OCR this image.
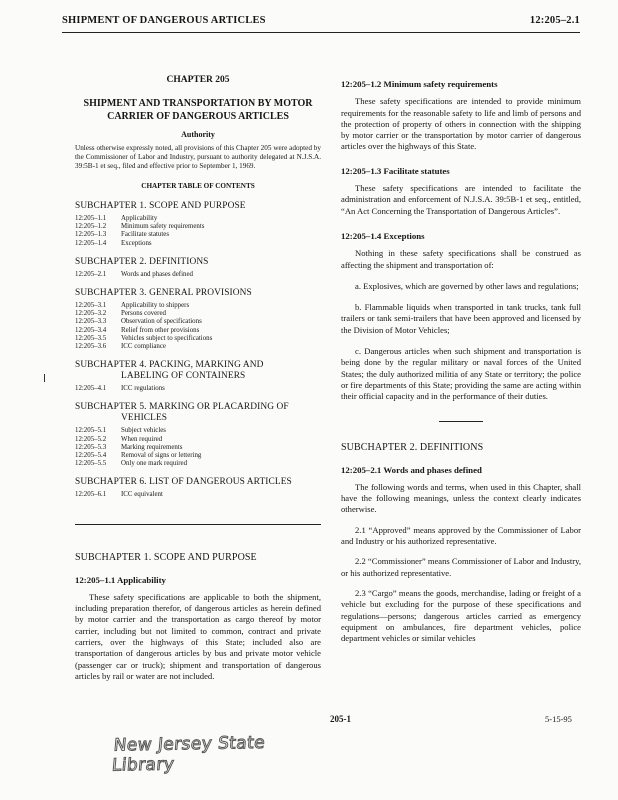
SHIPMENT OF DANGEROUS ARTICLES	12:205–2.1
CHAPTER 205
SHIPMENT AND TRANSPORTATION BY MOTOR CARRIER OF DANGEROUS ARTICLES
Authority

Unless otherwise expressly noted, all provisions of this Chapter 205 were adopted by the Commissioner of Labor and Industry, pursuant to authority delegated at N.J.S.A. 39:5B-1 et seq., filed and effective prior to September 1, 1969.

CHAPTER TABLE OF CONTENTS
SUBCHAPTER 1. SCOPE AND PURPOSE
12:205–1.1 Applicability
12:205–1.2 Minimum safety requirements
12:205–1.3 Facilitate statutes
12:205–1.4 Exceptions
SUBCHAPTER 2. DEFINITIONS
12:205–2.1 Words and phases defined
SUBCHAPTER 3. GENERAL PROVISIONS
12:205–3.1 Applicability to shippers
12:205–3.2 Persons covered
12:205–3.3 Observation of specifications
12:205–3.4 Relief from other provisions
12:205–3.5 Vehicles subject to specifications
12:205–3.6 ICC compliance
SUBCHAPTER 4. PACKING, MARKING AND
LABELING OF CONTAINERS
12:205–4.1 ICC regulations
SUBCHAPTER 5. MARKING OR PLACARDING OF
VEHICLES
12:205–5.1 Subject vehicles
12:205–5.2 When required
12:205–5.3 Marking requirements
12:205–5.4 Removal of signs or lettering
12:205–5.5 Only one mark required
SUBCHAPTER 6. LIST OF DANGEROUS ARTICLES
12:205–6.1 ICC equivalent
SUBCHAPTER 1. SCOPE AND PURPOSE
12:205–1.1 Applicability

These safety specifications are applicable to both the shipment, including preparation therefor, of dangerous articles as herein defined by motor carrier and the transportation as cargo thereof by motor carrier, including but not limited to common, contract and private carriers, over the highways of this State; included also are transportation of dangerous articles by bus and private motor vehicle (passenger car or truck); shipment and transportation of dangerous articles by rail or water are not included.

12:205–1.2 Minimum safety requirements

These safety specifications are intended to provide minimum requirements for the reasonable safety to life and limb of persons and the protection of property of others in connection with the shipping by motor carrier or the transportation by motor carrier of dangerous articles over the highways of this State.

12:205–1.3 Facilitate statutes

These safety specifications are intended to facilitate the administration and enforcement of N.J.S.A. 39:5B-1 et seq., entitled, “An Act Concerning the Transportation of Dangerous Articles”.

12:205–1.4 Exceptions

Nothing in these safety specifications shall be construed as affecting the shipment and transportation of:

a. Explosives, which are governed by other laws and regulations;

b. Flammable liquids when transported in tank trucks, tank full trailers or tank semi-trailers that have been approved and licensed by the Division of Motor Vehicles;

c. Dangerous articles when such shipment and transportation is being done by the regular military or naval forces of the United States; the duly authorized militia of any State or territory; the police or fire departments of this State; providing the same are acting within their official capacity and in the performance of their duties.

SUBCHAPTER 2. DEFINITIONS
12:205–2.1 Words and phases defined

The following words and terms, when used in this Chapter, shall have the following meanings, unless the context clearly indicates otherwise.

2.1 “Approved” means approved by the Commissioner of Labor and Industry or his authorized representative.

2.2 “Commissioner” means Commissioner of Labor and Industry, or his authorized representative.

2.3 “Cargo” means the goods, merchandise, lading or freight of a vehicle but excluding for the purpose of these specifications and regulations—persons; dangerous articles carried as emergency equipment on ambulances, fire department vehicles, police department vehicles or similar vehicles

205-1	5-15-95
New Jersey State Library
